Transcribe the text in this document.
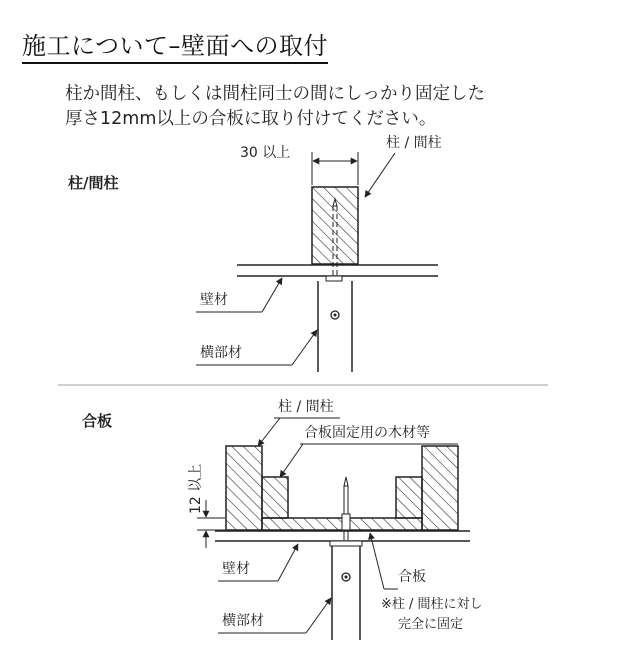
施工について–壁面への取付
柱か間柱、もしくは間柱同士の間にしっかり固定した
厚さ12mm以上の合板に取り付けてください。
柱/間柱
30 以上
柱 / 間柱
壁材
横部材
合板
柱 / 間柱
合板固定用の木材等
12 以上
壁材
横部材
合板
※柱 / 間柱に対し
完全に固定
